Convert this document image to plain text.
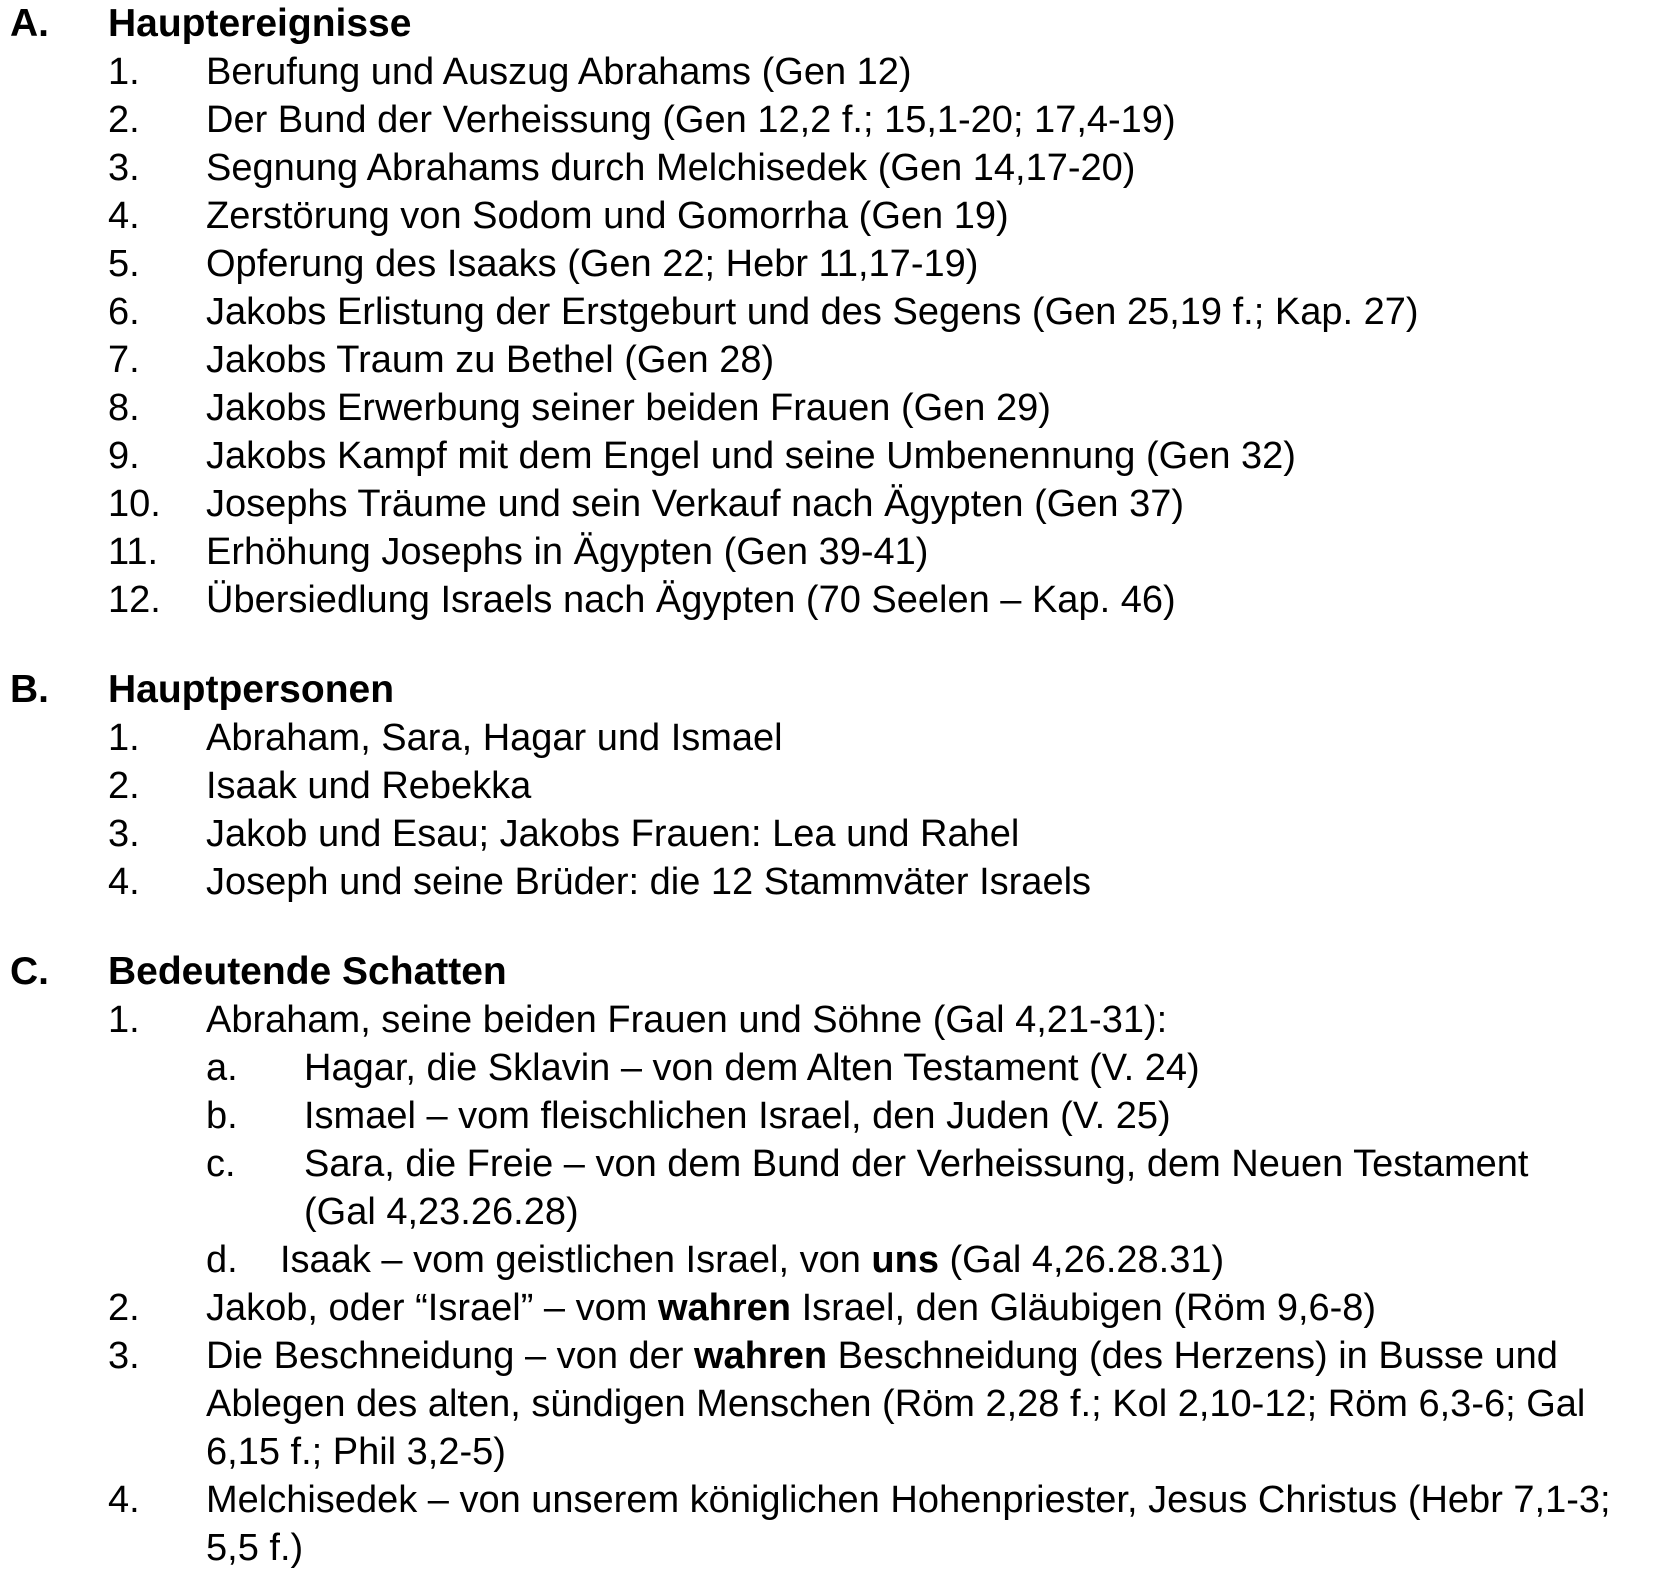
A.	Hauptereignisse
1.	Berufung und Auszug Abrahams (Gen 12)
2.	Der Bund der Verheissung (Gen 12,2 f.; 15,1-20; 17,4-19)
3.	Segnung Abrahams durch Melchisedek (Gen 14,17-20)
4.	Zerstörung von Sodom und Gomorrha (Gen 19)
5.	Opferung des Isaaks (Gen 22; Hebr 11,17-19)
6.	Jakobs Erlistung der Erstgeburt und des Segens (Gen 25,19 f.; Kap. 27)
7.	Jakobs Traum zu Bethel (Gen 28)
8.	Jakobs Erwerbung seiner beiden Frauen (Gen 29)
9.	Jakobs Kampf mit dem Engel und seine Umbenennung (Gen 32)
10.	Josephs Träume und sein Verkauf nach Ägypten (Gen 37)
11.	Erhöhung Josephs in Ägypten (Gen 39-41)
12.	Übersiedlung Israels nach Ägypten (70 Seelen – Kap. 46)
B.	Hauptpersonen
1.	Abraham, Sara, Hagar und Ismael
2.	Isaak und Rebekka
3.	Jakob und Esau; Jakobs Frauen: Lea und Rahel
4.	Joseph und seine Brüder: die 12 Stammväter Israels
C.	Bedeutende Schatten
1.	Abraham, seine beiden Frauen und Söhne (Gal 4,21-31):
a.	Hagar, die Sklavin – von dem Alten Testament (V. 24)
b.	Ismael – vom fleischlichen Israel, den Juden (V. 25)
c.	Sara, die Freie – von dem Bund der Verheissung, dem Neuen Testament (Gal 4,23.26.28)
d.	Isaak – vom geistlichen Israel, von uns (Gal 4,26.28.31)
2.	Jakob, oder “Israel” – vom wahren Israel, den Gläubigen (Röm 9,6-8)
3.	Die Beschneidung – von der wahren Beschneidung (des Herzens) in Busse und Ablegen des alten, sündigen Menschen (Röm 2,28 f.; Kol 2,10-12; Röm 6,3-6; Gal 6,15 f.; Phil 3,2-5)
4.	Melchisedek – von unserem königlichen Hohenpriester, Jesus Christus (Hebr 7,1-3; 5,5 f.)
